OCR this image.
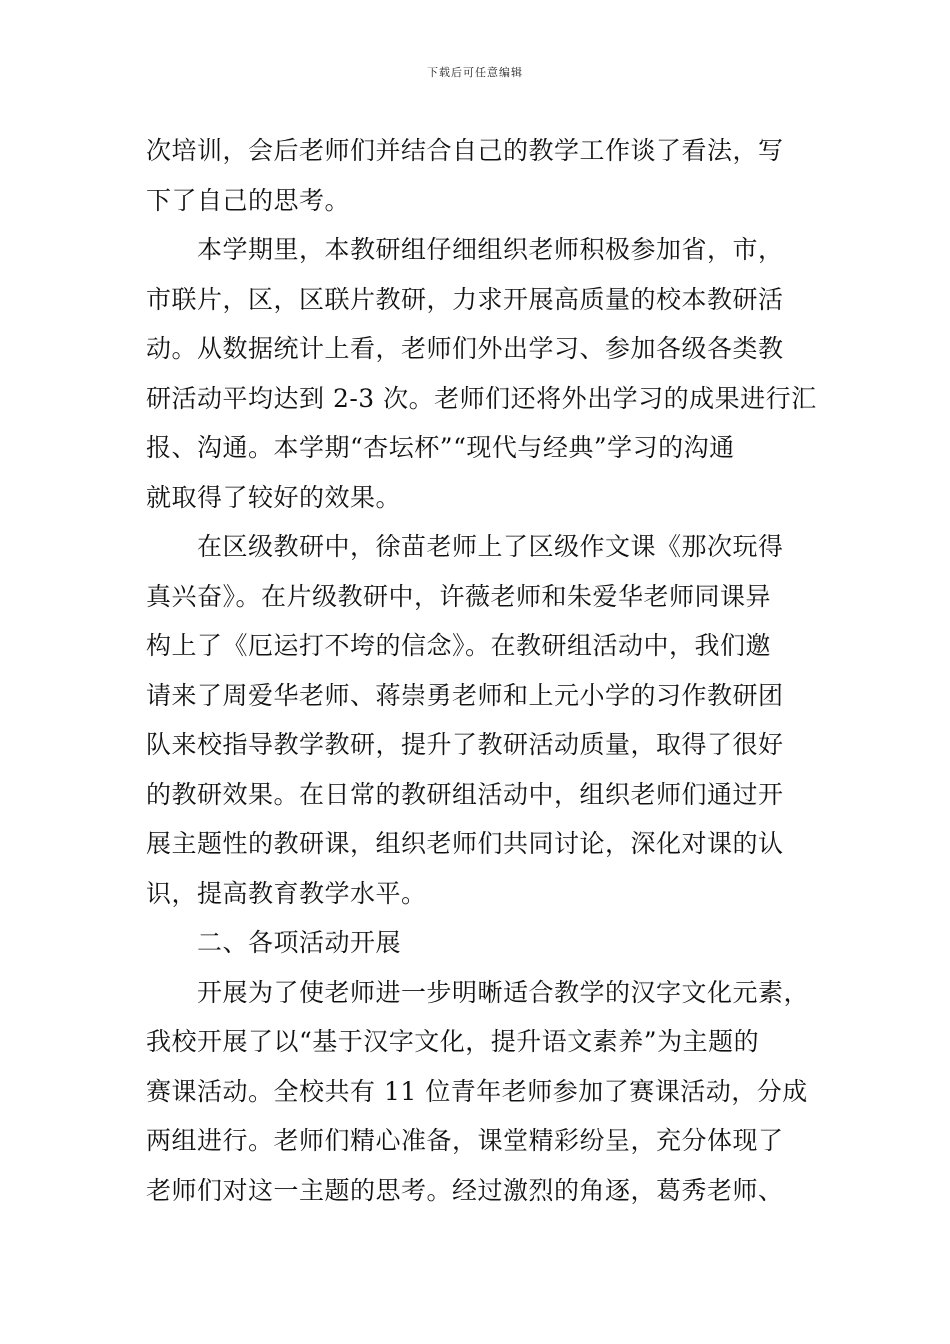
下载后可任意编辑
次培训，会后老师们并结合自己的教学工作谈了看法，写
下了自己的思考。
本学期里，本教研组仔细组织老师积极参加省，市，
市联片，区，区联片教研，力求开展高质量的校本教研活
动。从数据统计上看，老师们外出学习、参加各级各类教
研活动平均达到 2-3 次。老师们还将外出学习的成果进行汇
报、沟通。本学期“杏坛杯”“现代与经典”学习的沟通
就取得了较好的效果。
在区级教研中，徐苗老师上了区级作文课《那次玩得
真兴奋》。在片级教研中，许薇老师和朱爱华老师同课异
构上了《厄运打不垮的信念》。在教研组活动中，我们邀
请来了周爱华老师、蒋崇勇老师和上元小学的习作教研团
队来校指导教学教研，提升了教研活动质量，取得了很好
的教研效果。在日常的教研组活动中，组织老师们通过开
展主题性的教研课，组织老师们共同讨论，深化对课的认
识，提高教育教学水平。
二、各项活动开展
开展为了使老师进一步明晰适合教学的汉字文化元素，
我校开展了以“基于汉字文化，提升语文素养”为主题的
赛课活动。全校共有 11 位青年老师参加了赛课活动，分成
两组进行。老师们精心准备，课堂精彩纷呈，充分体现了
老师们对这一主题的思考。经过激烈的角逐，葛秀老师、
